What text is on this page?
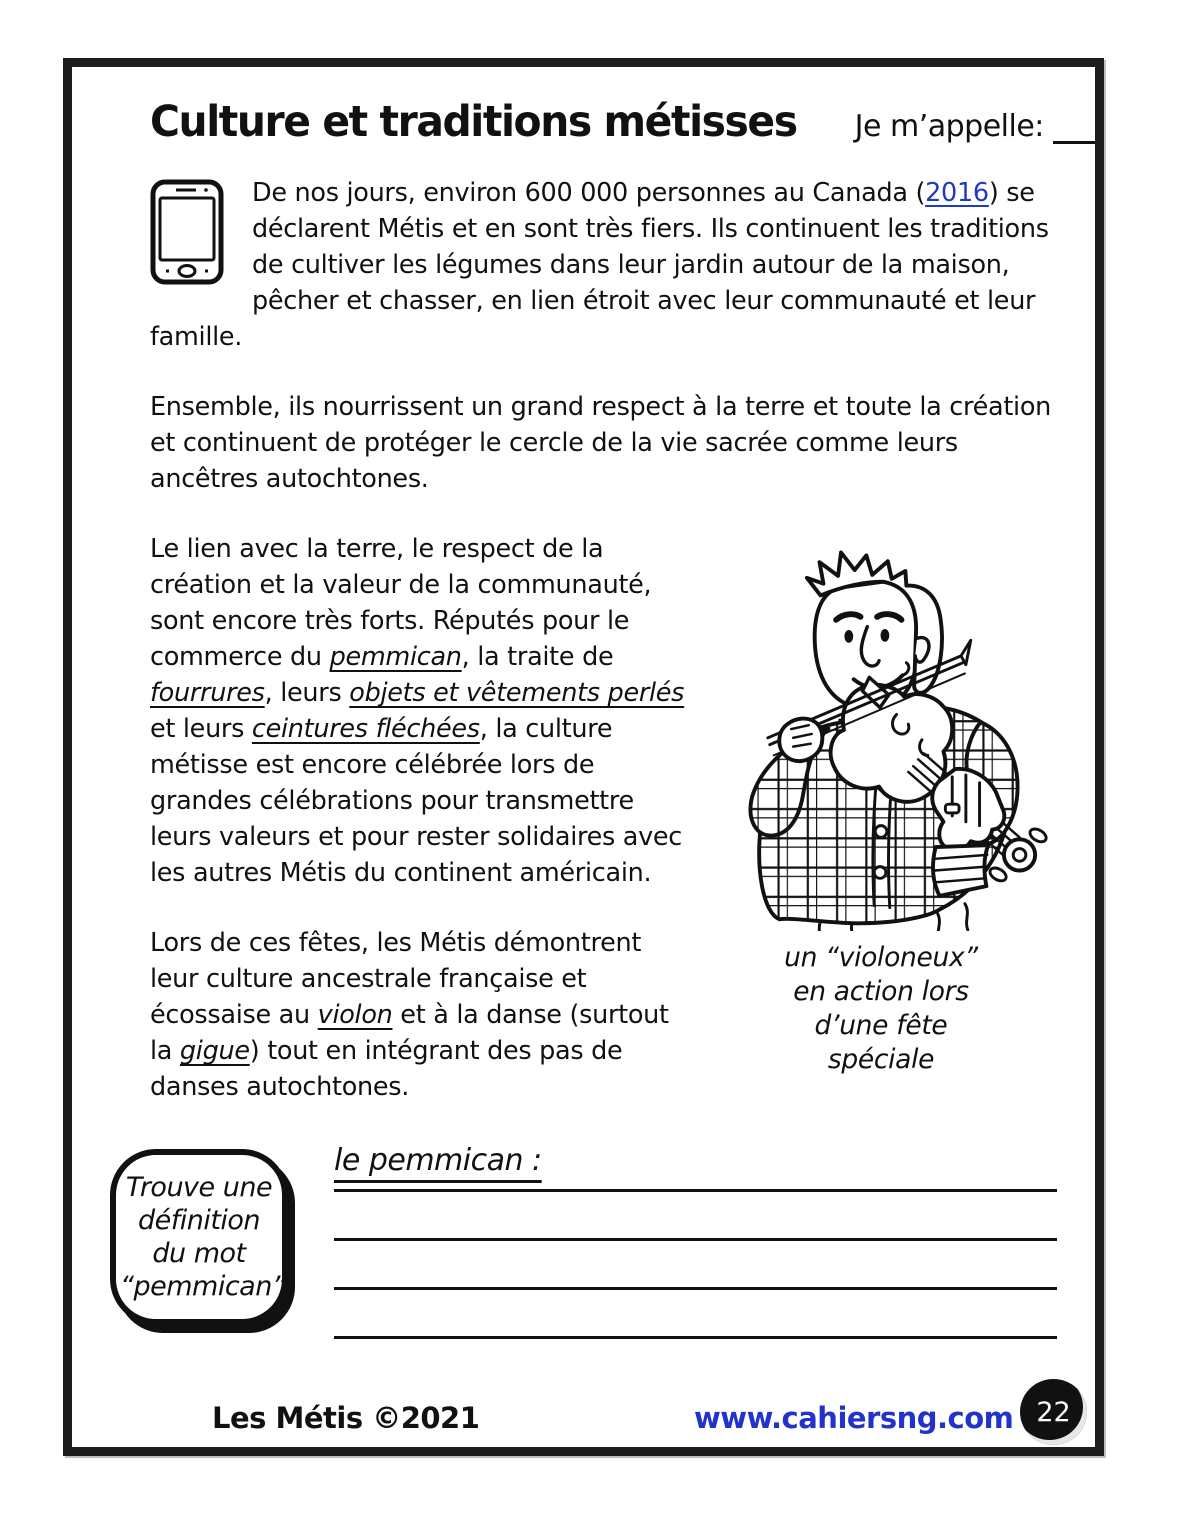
Culture et traditions métisses Je m’appelle:

De nos jours, environ 600 000 personnes au Canada (2016) se déclarent Métis et en sont très fiers. Ils continuent les traditions de cultiver les légumes dans leur jardin autour de la maison, pêcher et chasser, en lien étroit avec leur communauté et leur famille.

Ensemble, ils nourrissent un grand respect à la terre et toute la création et continuent de protéger le cercle de la vie sacrée comme leurs ancêtres autochtones.

un “violoneux”
en action lors
d’une fête
spéciale

Le lien avec la terre, le respect de la création et la valeur de la communauté, sont encore très forts. Réputés pour le commerce du pemmican, la traite de fourrures, leurs objets et vêtements perlés et leurs ceintures fléchées, la culture métisse est encore célébrée lors de grandes célébrations pour transmettre leurs valeurs et pour rester solidaires avec les autres Métis du continent américain.

Lors de ces fêtes, les Métis démontrent leur culture ancestrale française et écossaise au violon et à la danse (surtout la gigue) tout en intégrant des pas de danses autochtones.

Trouve une
définition
du mot
“pemmican”.
le pemmican :
Les Métis ©2021	www.cahiersng.com 22
